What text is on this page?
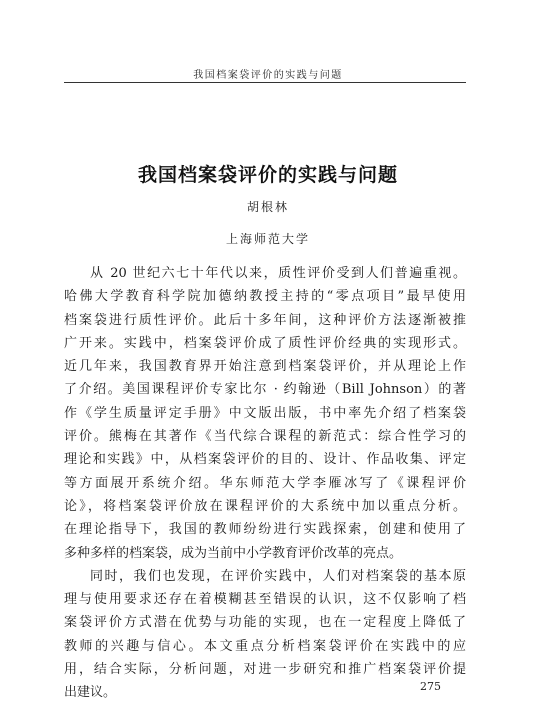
我国档案袋评价的实践与问题
我国档案袋评价的实践与问题
胡根林
上海师范大学
从 20 世纪六七十年代以来，质性评价受到人们普遍重视。
哈佛大学教育科学院加德纳教授主持的“零点项目”最早使用
档案袋进行质性评价。此后十多年间，这种评价方法逐渐被推
广开来。实践中，档案袋评价成了质性评价经典的实现形式。
近几年来，我国教育界开始注意到档案袋评价，并从理论上作
了介绍。美国课程评价专家比尔 · 约翰逊（Bill Johnson）的著
作《学生质量评定手册》中文版出版，书中率先介绍了档案袋
评价。熊梅在其著作《当代综合课程的新范式：综合性学习的
理论和实践》中，从档案袋评价的目的、设计、作品收集、评定
等方面展开系统介绍。华东师范大学李雁冰写了《课程评价
论》，将档案袋评价放在课程评价的大系统中加以重点分析。
在理论指导下，我国的教师纷纷进行实践探索，创建和使用了
多种多样的档案袋，成为当前中小学教育评价改革的亮点。
同时，我们也发现，在评价实践中，人们对档案袋的基本原
理与使用要求还存在着模糊甚至错误的认识，这不仅影响了档
案袋评价方式潜在优势与功能的实现，也在一定程度上降低了
教师的兴趣与信心。本文重点分析档案袋评价在实践中的应
用，结合实际，分析问题，对进一步研究和推广档案袋评价提
出建议。	275
